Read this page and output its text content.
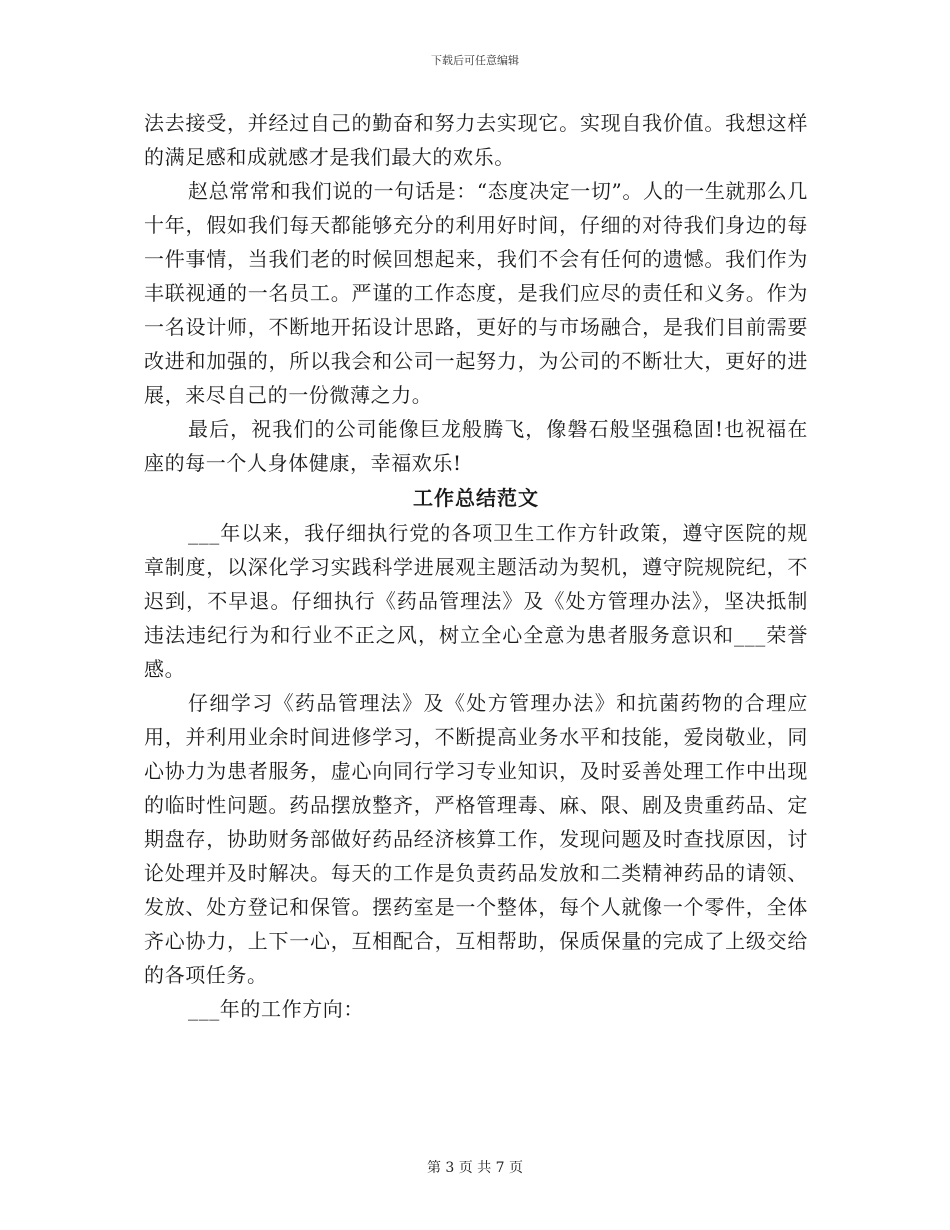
下载后可任意编辑

法去接受，并经过自己的勤奋和努力去实现它。实现自我价值。我想这样的满足感和成就感才是我们最大的欢乐。

赵总常常和我们说的一句话是：“态度决定一切”。人的一生就那么几十年，假如我们每天都能够充分的利用好时间，仔细的对待我们身边的每一件事情，当我们老的时候回想起来，我们不会有任何的遗憾。我们作为丰联视通的一名员工。严谨的工作态度，是我们应尽的责任和义务。作为一名设计师，不断地开拓设计思路，更好的与市场融合，是我们目前需要改进和加强的，所以我会和公司一起努力，为公司的不断壮大，更好的进展，来尽自己的一份微薄之力。

最后，祝我们的公司能像巨龙般腾飞，像磐石般坚强稳固!也祝福在座的每一个人身体健康，幸福欢乐!

工作总结范文

___年以来，我仔细执行党的各项卫生工作方针政策，遵守医院的规章制度，以深化学习实践科学进展观主题活动为契机，遵守院规院纪，不迟到，不早退。仔细执行《药品管理法》及《处方管理办法》，坚决抵制违法违纪行为和行业不正之风，树立全心全意为患者服务意识和___荣誉感。

仔细学习《药品管理法》及《处方管理办法》和抗菌药物的合理应用，并利用业余时间进修学习，不断提高业务水平和技能，爱岗敬业，同心协力为患者服务，虚心向同行学习专业知识，及时妥善处理工作中出现的临时性问题。药品摆放整齐，严格管理毒、麻、限、剧及贵重药品、定期盘存，协助财务部做好药品经济核算工作，发现问题及时查找原因，讨论处理并及时解决。每天的工作是负责药品发放和二类精神药品的请领、发放、处方登记和保管。摆药室是一个整体，每个人就像一个零件，全体齐心协力，上下一心，互相配合，互相帮助，保质保量的完成了上级交给的各项任务。

___年的工作方向：

第 3 页 共 7 页
